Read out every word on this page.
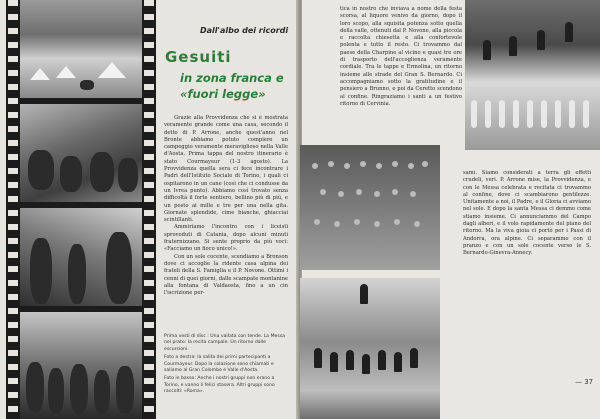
Dall'albo dei ricordi
Gesuiti
in zona franca e «fuori legge»

Grazie alla Provvidenza che si è mostrata veramente grande come una casa, secondo il detto di P. Arrone, anche quest'anno nel Bronte abbiamo potuto compiere un campeggio veramente meraviglioso nella Valle d'Aosta. Prima tappa del nostro itinerario è stato Courmayeur (1-3 agosto). La Provvidenza quella sera ci fece incontrare i Padri dell'Istituto Sociale di Torino, i quali ci ospitarono in un cane (così che ci condusse da un Ivrea punto). Abbiamo così trovato senza difficoltà il forte sentiero, bellino più di più, e un posto ai mille e tre per una nella gita. Giornate splendide, cime bianche, ghiacciai scintillanti.

Ammiriamo l'incontro con i liceisti sprovoduti di Catania, dopo alcuni minuti fraternizzano. Si sente proprio da più voci: «Facciamo un fioco unico!».

Con un sole cocente, scendiamo a Bronson dove ci accoglie la ridente casa alpina dei frateli della S. Famiglia e il P. Novone. Ottimi i cenni di quei giorni, dalle scampate montanine alla fontana di Valdaosta, fino a un cin l'iscrizione per-

Prima vesti di disc : Una vallata con tende. La Messa nel prato: la recita campale. Un ritorno dalle escursioni.

Foto a destra: la salita dei primi partecipanti a Courmayeur. Dopo la colazione sono chiamati e saliamo al Gran Colombo e Valle d'Aosta.

Foto in basso: Anche i nostri gruppi non erano a Torino, e vanno li felici stasera. Altri gruppi sono raccolti: «Roma».

tica in nostro che inviava a nome della festa scorsa, al liquore venivo da giorno, dopo il loro scopo, alla squisita potenza sotto quella della valle, ottenuti dal P. Novone, alla piccola e raccolta chiesetta e alla confortevole polenta e tutto il resto. Ci trovammo dal paese della Charpine al vicino e quasi tre ore di trasporto dell'accoglienza veramente cordiale. Tra le tappe e Ermolina, un ritorno insieme alle strade del Gran S. Bernardo. Ci accompagniamo sotto la gratitudine e il pensiero a Brunno, e poi da Ceretto scendono al confine. Ringraziamo i santi a un festivo ritorno di Cervinia.

sami. Siamo considerati a terra gli effetti crudeli, veri. P. Arrone mise, la Provvidenza, e con le Messa celebrata e recitata ci trovammo al confine, dove ci scambiarono gentilezze. Unitamente a noi, il Padre, e il Gloria ci avviamo nel sole. E dopo la santa Messa ci demmo come stiamo insieme. Ci annunciammo del Campo dagli alberi, e il volo rapidamente del piano del ritorno. Ma la viva gioia ci portò per i Passi di Andorra, ora alpine. Ci separammo con il pranzo e con un sole cocente verso le S. Bernardo-Ginevra-Annecy.

— 37
